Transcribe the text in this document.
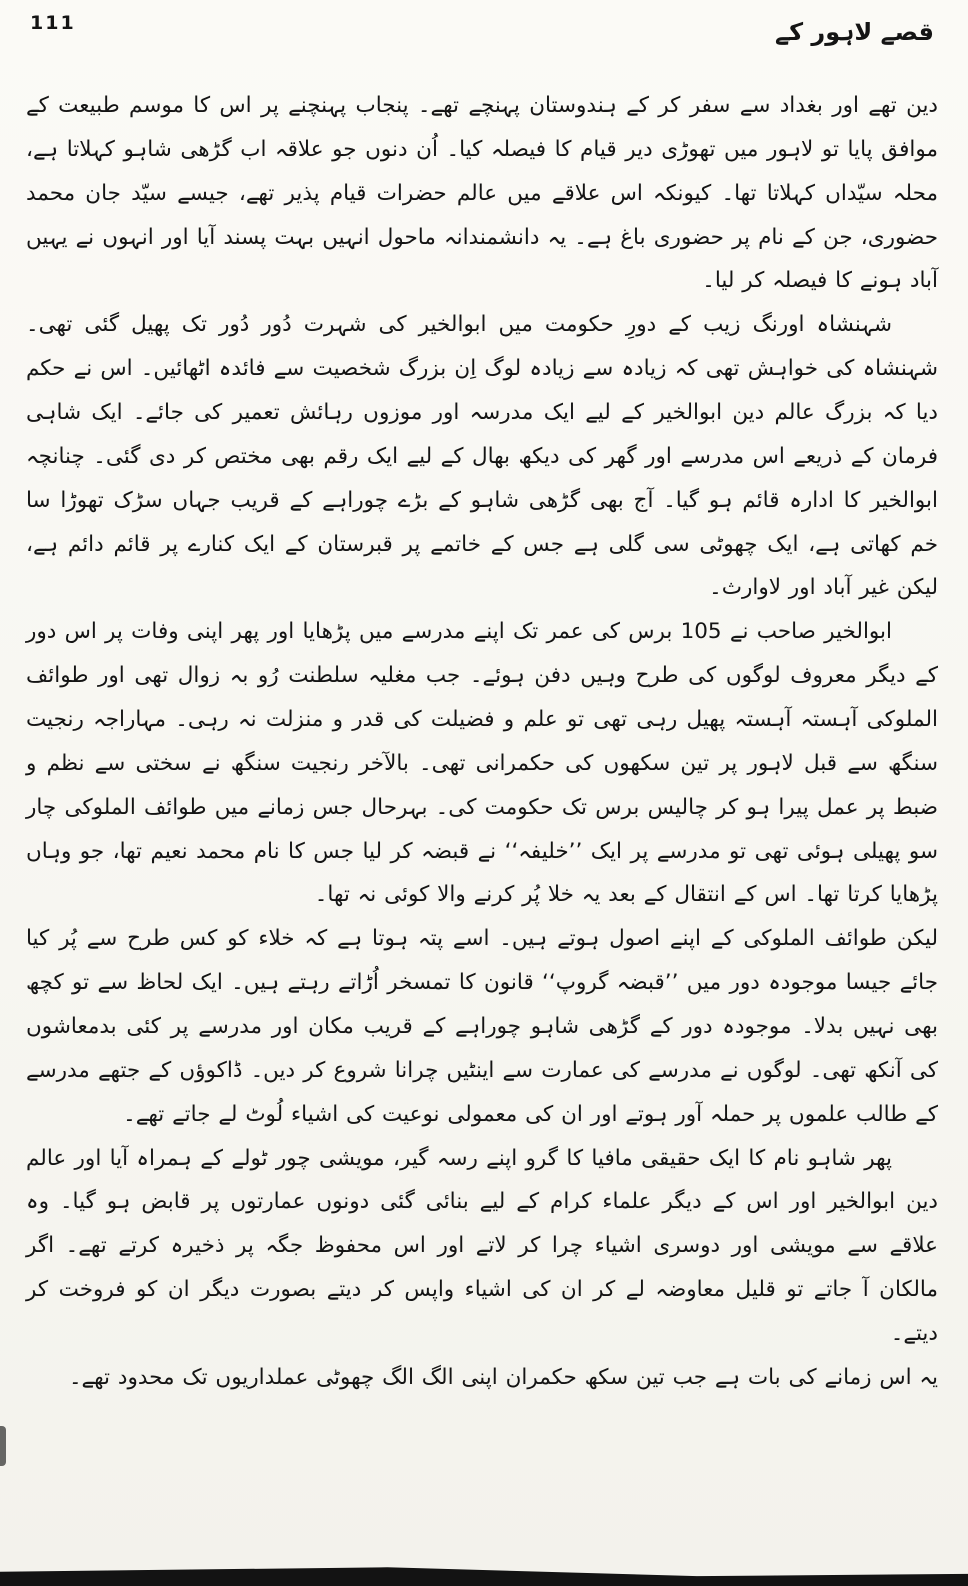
111	قصے لاہور کے

دین تھے اور بغداد سے سفر کر کے ہندوستان پہنچے تھے۔ پنجاب پہنچنے پر اس کا موسم طبیعت کے موافق پایا تو لاہور میں تھوڑی دیر قیام کا فیصلہ کیا۔ اُن دنوں جو علاقہ اب گڑھی شاہو کہلاتا ہے، محلہ سیّداں کہلاتا تھا۔ کیونکہ اس علاقے میں عالم حضرات قیام پذیر تھے، جیسے سیّد جان محمد حضوری، جن کے نام پر حضوری باغ ہے۔ یہ دانشمندانہ ماحول انہیں بہت پسند آیا اور انہوں نے یہیں آباد ہونے کا فیصلہ کر لیا۔

شہنشاہ اورنگ زیب کے دورِ حکومت میں ابوالخیر کی شہرت دُور دُور تک پھیل گئی تھی۔ شہنشاہ کی خواہش تھی کہ زیادہ سے زیادہ لوگ اِن بزرگ شخصیت سے فائدہ اٹھائیں۔ اس نے حکم دیا کہ بزرگ عالم دین ابوالخیر کے لیے ایک مدرسہ اور موزوں رہائش تعمیر کی جائے۔ ایک شاہی فرمان کے ذریعے اس مدرسے اور گھر کی دیکھ بھال کے لیے ایک رقم بھی مختص کر دی گئی۔ چنانچہ ابوالخیر کا ادارہ قائم ہو گیا۔ آج بھی گڑھی شاہو کے بڑے چوراہے کے قریب جہاں سڑک تھوڑا سا خم کھاتی ہے، ایک چھوٹی سی گلی ہے جس کے خاتمے پر قبرستان کے ایک کنارے پر قائم دائم ہے، لیکن غیر آباد اور لاوارث۔

ابوالخیر صاحب نے 105 برس کی عمر تک اپنے مدرسے میں پڑھایا اور پھر اپنی وفات پر اس دور کے دیگر معروف لوگوں کی طرح وہیں دفن ہوئے۔ جب مغلیہ سلطنت رُو بہ زوال تھی اور طوائف الملوکی آہستہ آہستہ پھیل رہی تھی تو علم و فضیلت کی قدر و منزلت نہ رہی۔ مہاراجہ رنجیت سنگھ سے قبل لاہور پر تین سکھوں کی حکمرانی تھی۔ بالآخر رنجیت سنگھ نے سختی سے نظم و ضبط پر عمل پیرا ہو کر چالیس برس تک حکومت کی۔ بہرحال جس زمانے میں طوائف الملوکی چار سو پھیلی ہوئی تھی تو مدرسے پر ایک ’’خلیفہ‘‘ نے قبضہ کر لیا جس کا نام محمد نعیم تھا، جو وہاں پڑھایا کرتا تھا۔ اس کے انتقال کے بعد یہ خلا پُر کرنے والا کوئی نہ تھا۔

لیکن طوائف الملوکی کے اپنے اصول ہوتے ہیں۔ اسے پتہ ہوتا ہے کہ خلاء کو کس طرح سے پُر کیا جائے جیسا موجودہ دور میں ’’قبضہ گروپ‘‘ قانون کا تمسخر اُڑاتے رہتے ہیں۔ ایک لحاظ سے تو کچھ بھی نہیں بدلا۔ موجودہ دور کے گڑھی شاہو چوراہے کے قریب مکان اور مدرسے پر کئی بدمعاشوں کی آنکھ تھی۔ لوگوں نے مدرسے کی عمارت سے اینٹیں چرانا شروع کر دیں۔ ڈاکوؤں کے جتھے مدرسے کے طالب علموں پر حملہ آور ہوتے اور ان کی معمولی نوعیت کی اشیاء لُوٹ لے جاتے تھے۔

پھر شاہو نام کا ایک حقیقی مافیا کا گرو اپنے رسہ گیر، مویشی چور ٹولے کے ہمراہ آیا اور عالم دین ابوالخیر اور اس کے دیگر علماء کرام کے لیے بنائی گئی دونوں عمارتوں پر قابض ہو گیا۔ وہ علاقے سے مویشی اور دوسری اشیاء چرا کر لاتے اور اس محفوظ جگہ پر ذخیرہ کرتے تھے۔ اگر مالکان آ جاتے تو قلیل معاوضہ لے کر ان کی اشیاء واپس کر دیتے بصورت دیگر ان کو فروخت کر دیتے۔

یہ اس زمانے کی بات ہے جب تین سکھ حکمران اپنی الگ الگ چھوٹی عملداریوں تک محدود تھے۔
